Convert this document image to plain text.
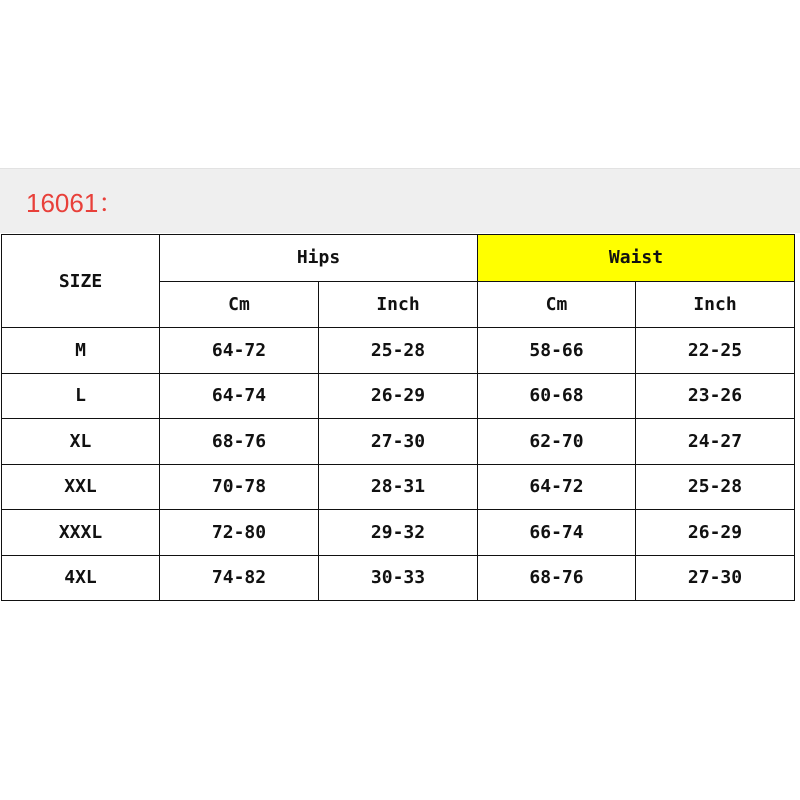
16061：
SIZE	Hips		Waist	
	Cm	Inch	Cm	Inch
M	64-72	25-28	58-66	22-25
L	64-74	26-29	60-68	23-26
XL	68-76	27-30	62-70	24-27
XXL	70-78	28-31	64-72	25-28
XXXL	72-80	29-32	66-74	26-29
4XL	74-82	30-33	68-76	27-30
